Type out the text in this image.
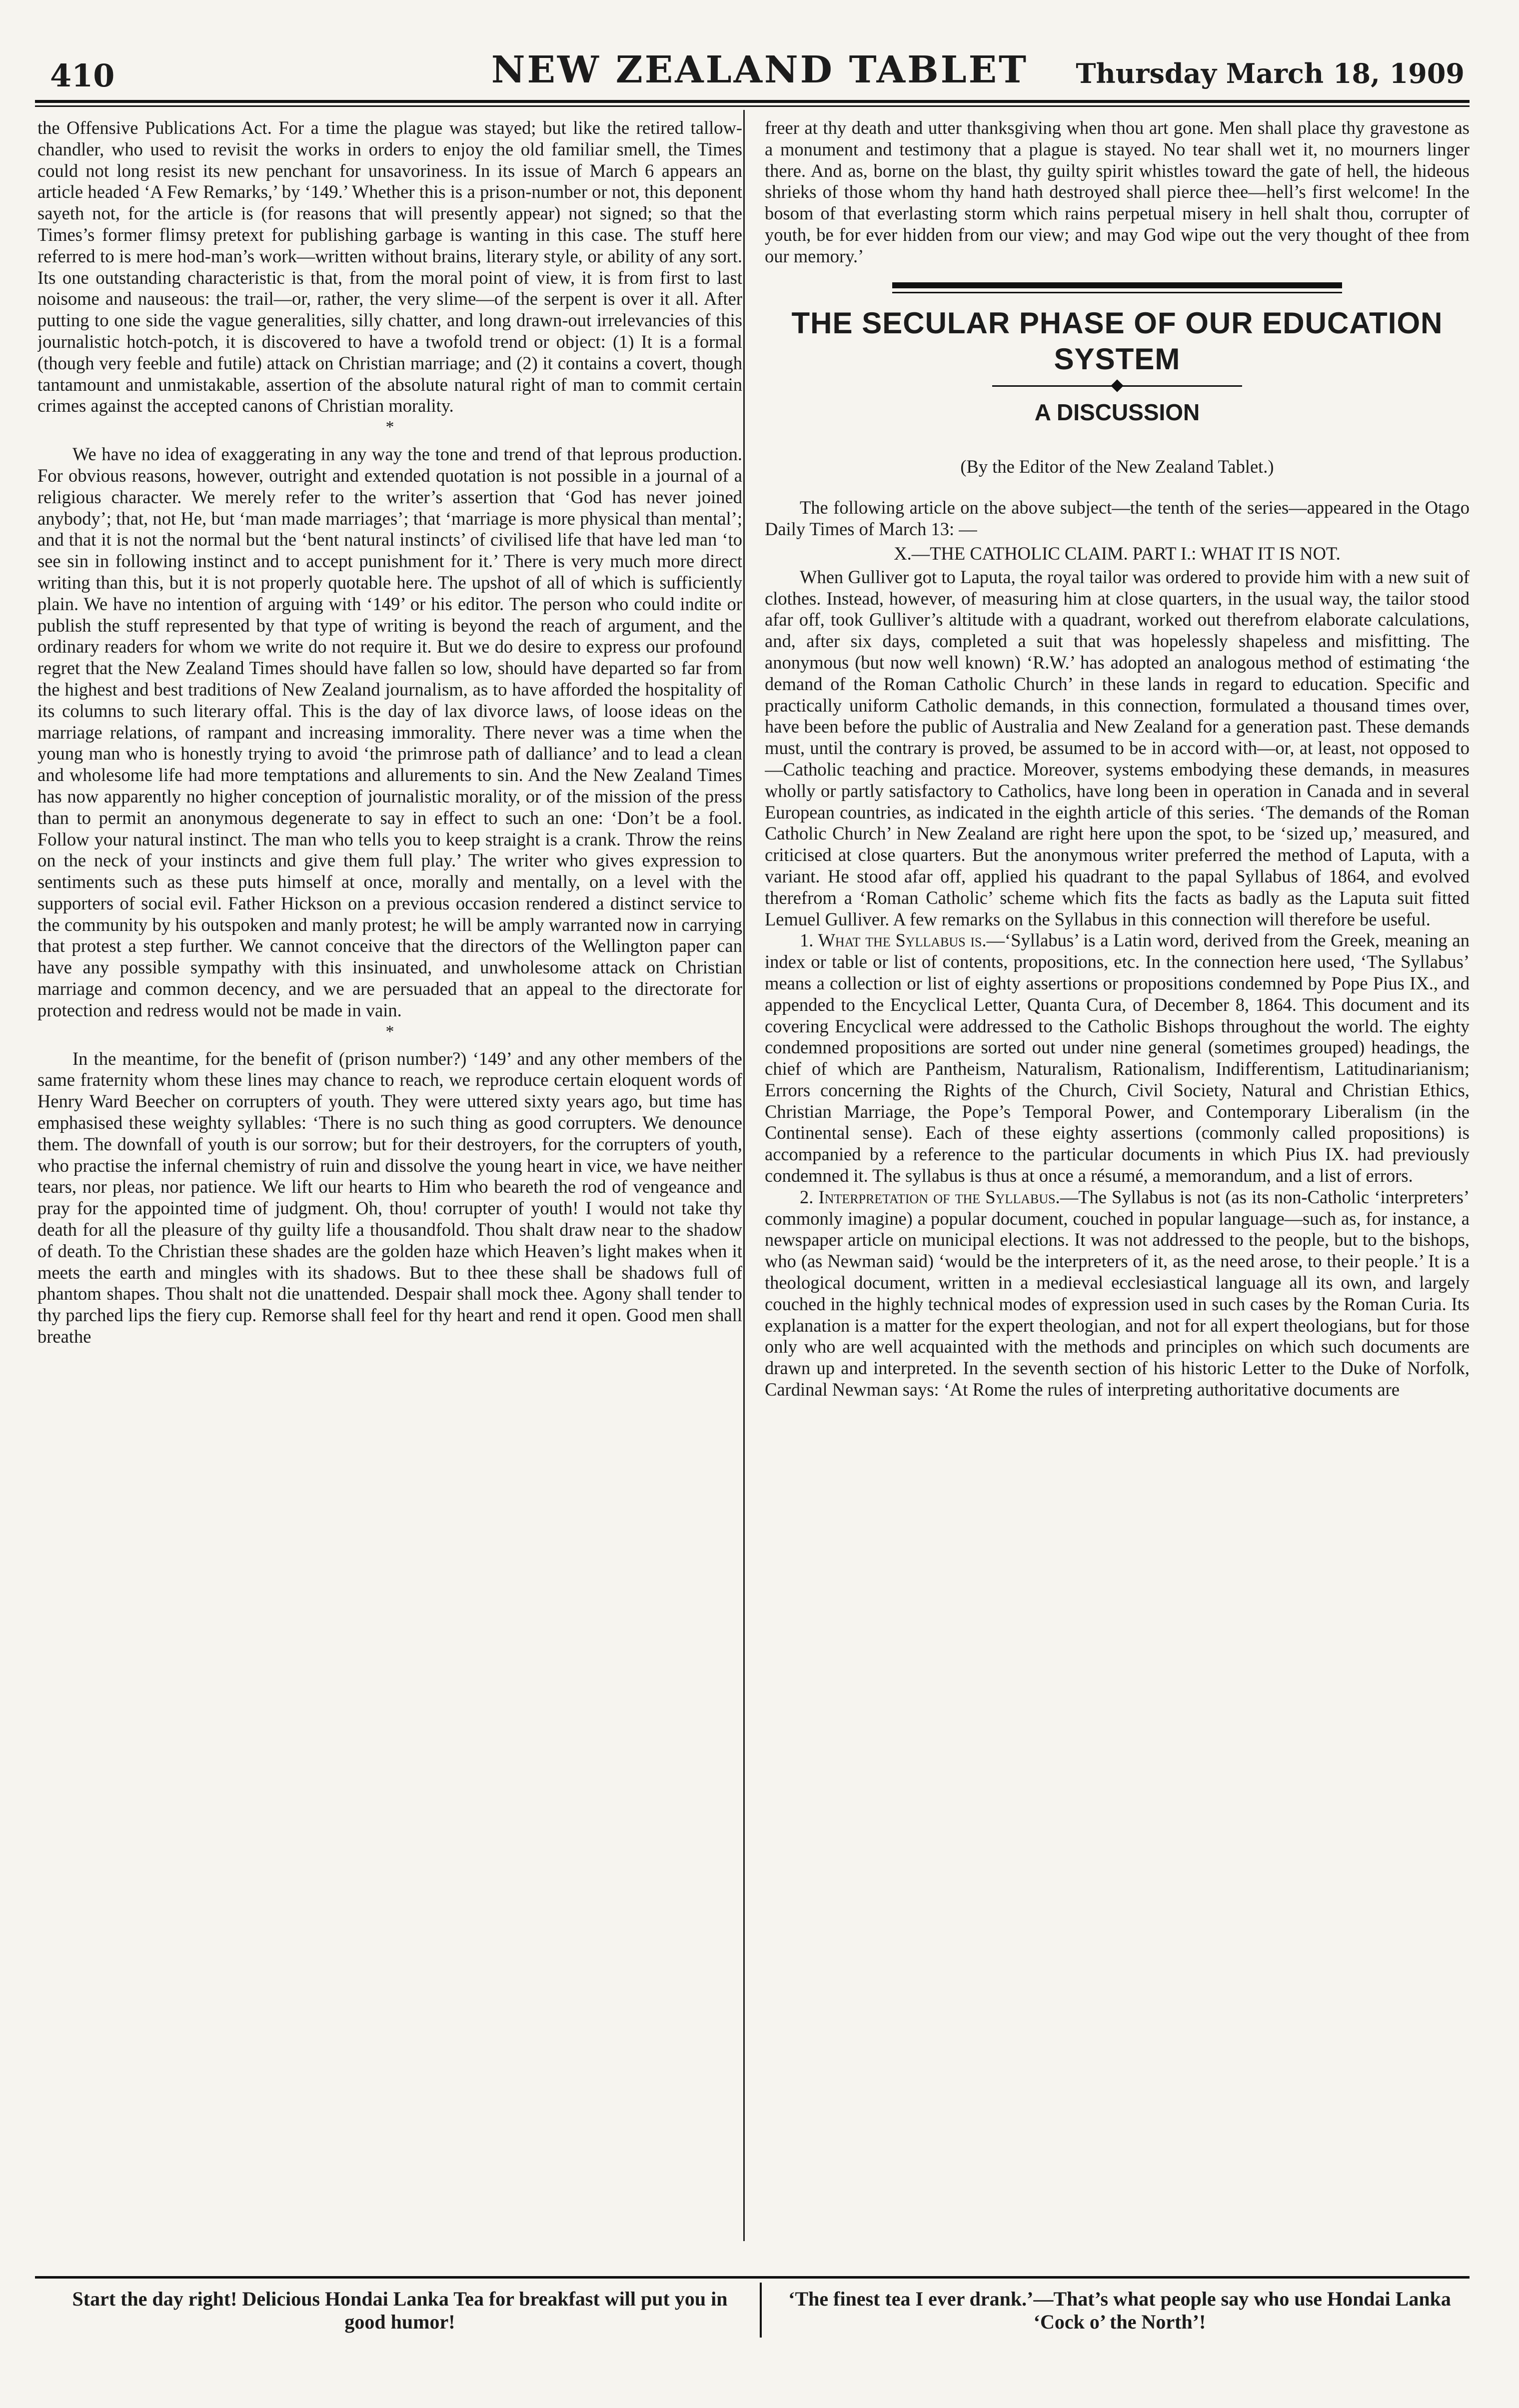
410	NEW ZEALAND TABLET	Thursday March 18, 1909

the Offensive Publications Act. For a time the plague was stayed; but like the retired tallow-chandler, who used to revisit the works in orders to enjoy the old familiar smell, the Times could not long resist its new penchant for unsavoriness. In its issue of March 6 appears an article headed ‘A Few Remarks,’ by ‘149.’ Whether this is a prison-number or not, this deponent sayeth not, for the article is (for reasons that will presently appear) not signed; so that the Times’s former flimsy pretext for publishing garbage is wanting in this case. The stuff here referred to is mere hod-man’s work—written without brains, literary style, or ability of any sort. Its one outstanding characteristic is that, from the moral point of view, it is from first to last noisome and nauseous: the trail—or, rather, the very slime—of the serpent is over it all. After putting to one side the vague generalities, silly chatter, and long drawn-out irrelevancies of this journalistic hotch-potch, it is discovered to have a twofold trend or object: (1) It is a formal (though very feeble and futile) attack on Christian marriage; and (2) it contains a covert, though tantamount and unmistakable, assertion of the absolute natural right of man to commit certain crimes against the accepted canons of Christian morality.

*

We have no idea of exaggerating in any way the tone and trend of that leprous production. For obvious reasons, however, outright and extended quotation is not possible in a journal of a religious character. We merely refer to the writer’s assertion that ‘God has never joined anybody’; that, not He, but ‘man made marriages’; that ‘marriage is more physical than mental’; and that it is not the normal but the ‘bent natural instincts’ of civilised life that have led man ‘to see sin in following instinct and to accept punishment for it.’ There is very much more direct writing than this, but it is not properly quotable here. The upshot of all of which is sufficiently plain. We have no intention of arguing with ‘149’ or his editor. The person who could indite or publish the stuff represented by that type of writing is beyond the reach of argument, and the ordinary readers for whom we write do not require it. But we do desire to express our profound regret that the New Zealand Times should have fallen so low, should have departed so far from the highest and best traditions of New Zealand journalism, as to have afforded the hospitality of its columns to such literary offal. This is the day of lax divorce laws, of loose ideas on the marriage relations, of rampant and increasing immorality. There never was a time when the young man who is honestly trying to avoid ‘the primrose path of dalliance’ and to lead a clean and wholesome life had more temptations and allurements to sin. And the New Zealand Times has now apparently no higher conception of journalistic morality, or of the mission of the press than to permit an anonymous degenerate to say in effect to such an one: ‘Don’t be a fool. Follow your natural instinct. The man who tells you to keep straight is a crank. Throw the reins on the neck of your instincts and give them full play.’ The writer who gives expression to sentiments such as these puts himself at once, morally and mentally, on a level with the supporters of social evil. Father Hickson on a previous occasion rendered a distinct service to the community by his outspoken and manly protest; he will be amply warranted now in carrying that protest a step further. We cannot conceive that the directors of the Wellington paper can have any possible sympathy with this insinuated, and unwholesome attack on Christian marriage and common decency, and we are persuaded that an appeal to the directorate for protection and redress would not be made in vain.

*

In the meantime, for the benefit of (prison number?) ‘149’ and any other members of the same fraternity whom these lines may chance to reach, we reproduce certain eloquent words of Henry Ward Beecher on corrupters of youth. They were uttered sixty years ago, but time has emphasised these weighty syllables: ‘There is no such thing as good corrupters. We denounce them. The downfall of youth is our sorrow; but for their destroyers, for the corrupters of youth, who practise the infernal chemistry of ruin and dissolve the young heart in vice, we have neither tears, nor pleas, nor patience. We lift our hearts to Him who beareth the rod of vengeance and pray for the appointed time of judgment. Oh, thou! corrupter of youth! I would not take thy death for all the pleasure of thy guilty life a thousandfold. Thou shalt draw near to the shadow of death. To the Christian these shades are the golden haze which Heaven’s light makes when it meets the earth and mingles with its shadows. But to thee these shall be shadows full of phantom shapes. Thou shalt not die unattended. Despair shall mock thee. Agony shall tender to thy parched lips the fiery cup. Remorse shall feel for thy heart and rend it open. Good men shall breathe

freer at thy death and utter thanksgiving when thou art gone. Men shall place thy gravestone as a monument and testimony that a plague is stayed. No tear shall wet it, no mourners linger there. And as, borne on the blast, thy guilty spirit whistles toward the gate of hell, the hideous shrieks of those whom thy hand hath destroyed shall pierce thee—hell’s first welcome! In the bosom of that everlasting storm which rains perpetual misery in hell shalt thou, corrupter of youth, be for ever hidden from our view; and may God wipe out the very thought of thee from our memory.’

THE SECULAR PHASE OF OUR EDUCATION SYSTEM
A DISCUSSION
(By the Editor of the New Zealand Tablet.)

The following article on the above subject—the tenth of the series—appeared in the Otago Daily Times of March 13: —

X.—THE CATHOLIC CLAIM. PART I.: WHAT IT IS NOT.

When Gulliver got to Laputa, the royal tailor was ordered to provide him with a new suit of clothes. Instead, however, of measuring him at close quarters, in the usual way, the tailor stood afar off, took Gulliver’s altitude with a quadrant, worked out therefrom elaborate calculations, and, after six days, completed a suit that was hopelessly shapeless and misfitting. The anonymous (but now well known) ‘R.W.’ has adopted an analogous method of estimating ‘the demand of the Roman Catholic Church’ in these lands in regard to education. Specific and practically uniform Catholic demands, in this connection, formulated a thousand times over, have been before the public of Australia and New Zealand for a generation past. These demands must, until the contrary is proved, be assumed to be in accord with—or, at least, not opposed to—Catholic teaching and practice. Moreover, systems embodying these demands, in measures wholly or partly satisfactory to Catholics, have long been in operation in Canada and in several European countries, as indicated in the eighth article of this series. ‘The demands of the Roman Catholic Church’ in New Zealand are right here upon the spot, to be ‘sized up,’ measured, and criticised at close quarters. But the anonymous writer preferred the method of Laputa, with a variant. He stood afar off, applied his quadrant to the papal Syllabus of 1864, and evolved therefrom a ‘Roman Catholic’ scheme which fits the facts as badly as the Laputa suit fitted Lemuel Gulliver. A few remarks on the Syllabus in this connection will therefore be useful.

1. What the Syllabus is.—‘Syllabus’ is a Latin word, derived from the Greek, meaning an index or table or list of contents, propositions, etc. In the connection here used, ‘The Syllabus’ means a collection or list of eighty assertions or propositions condemned by Pope Pius IX., and appended to the Encyclical Letter, Quanta Cura, of December 8, 1864. This document and its covering Encyclical were addressed to the Catholic Bishops throughout the world. The eighty condemned propositions are sorted out under nine general (sometimes grouped) headings, the chief of which are Pantheism, Naturalism, Rationalism, Indifferentism, Latitudinarianism; Errors concerning the Rights of the Church, Civil Society, Natural and Christian Ethics, Christian Marriage, the Pope’s Temporal Power, and Contemporary Liberalism (in the Continental sense). Each of these eighty assertions (commonly called propositions) is accompanied by a reference to the particular documents in which Pius IX. had previously condemned it. The syllabus is thus at once a résumé, a memorandum, and a list of errors.

2. Interpretation of the Syllabus.—The Syllabus is not (as its non-Catholic ‘interpreters’ commonly imagine) a popular document, couched in popular language—such as, for instance, a newspaper article on municipal elections. It was not addressed to the people, but to the bishops, who (as Newman said) ‘would be the interpreters of it, as the need arose, to their people.’ It is a theological document, written in a medieval ecclesiastical language all its own, and largely couched in the highly technical modes of expression used in such cases by the Roman Curia. Its explanation is a matter for the expert theologian, and not for all expert theologians, but for those only who are well acquainted with the methods and principles on which such documents are drawn up and interpreted. In the seventh section of his historic Letter to the Duke of Norfolk, Cardinal Newman says: ‘At Rome the rules of interpreting authoritative documents are

Start the day right! Delicious Hondai Lanka Tea for breakfast will put you in good humor!
‘The finest tea I ever drank.’—That’s what people say who use Hondai Lanka ‘Cock o’ the North’!
